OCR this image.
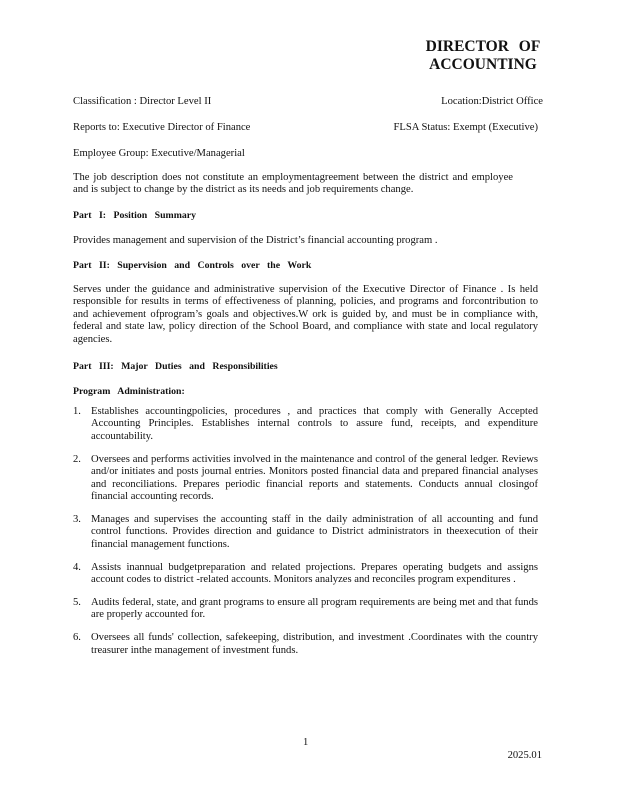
DIRECTOR OF
ACCOUNTING
Classification : Director Level II	Location:District Office
Reports to: Executive Director of Finance	FLSA Status: Exempt (Executive)
Employee Group: Executive/Managerial
The job description does not constitute an employmentagreement between the district and employee and is subject to change by the district as its needs and job requirements change.
Part I: Position Summary
Provides management and supervision of the District’s financial accounting program .
Part II: Supervision and Controls over the Work
Serves under the guidance and administrative supervision of the Executive Director of Finance . Is held responsible for results in terms of effectiveness of planning, policies, and programs and forcontribution to and achievement ofprogram’s goals and objectives.W ork is guided by, and must be in compliance with, federal and state law, policy direction of the School Board, and compliance with state and local regulatory agencies.
Part III: Major Duties and Responsibilities
Program Administration:
1. Establishes accountingpolicies, procedures , and practices that comply with Generally Accepted Accounting Principles. Establishes internal controls to assure fund, receipts, and expenditure accountability.
2. Oversees and performs activities involved in the maintenance and control of the general ledger. Reviews and/or initiates and posts journal entries. Monitors posted financial data and prepared financial analyses and reconciliations. Prepares periodic financial reports and statements. Conducts annual closingof financial accounting records.
3. Manages and supervises the accounting staff in the daily administration of all accounting and fund control functions. Provides direction and guidance to District administrators in theexecution of their financial management functions.
4. Assists inannual budgetpreparation and related projections. Prepares operating budgets and assigns account codes to district -related accounts. Monitors analyzes and reconciles program expenditures .
5. Audits federal, state, and grant programs to ensure all program requirements are being met and that funds are properly accounted for.
6. Oversees all funds' collection, safekeeping, distribution, and investment .Coordinates with the country treasurer inthe management of investment funds.
1
2025.01
